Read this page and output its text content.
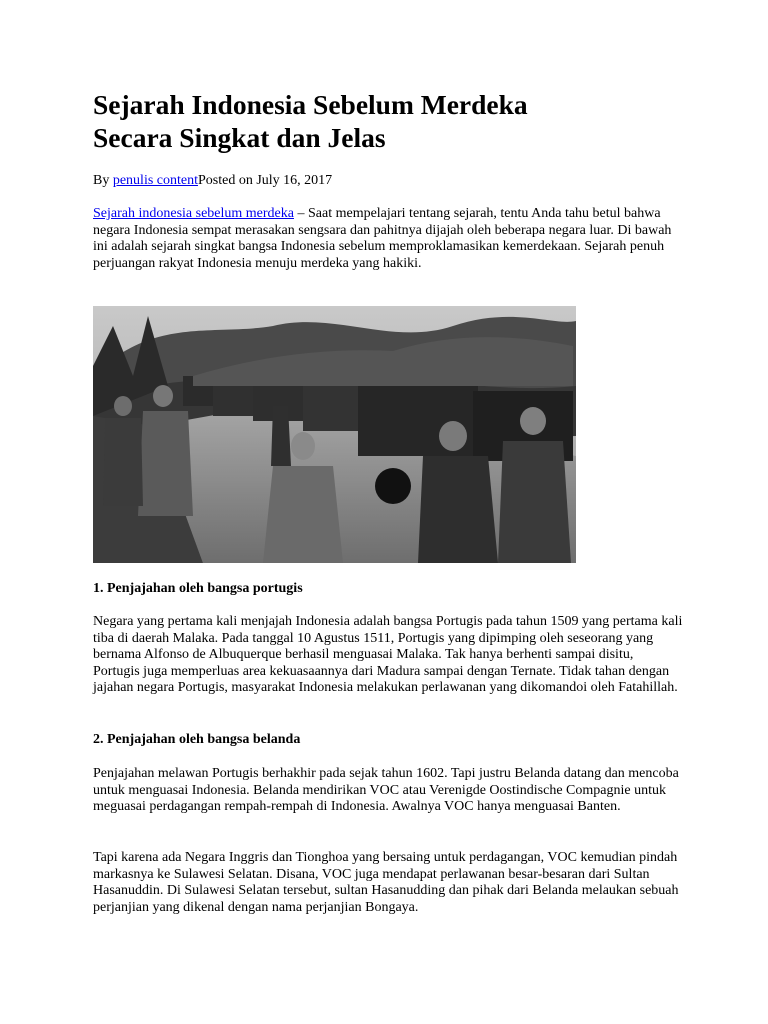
Sejarah Indonesia Sebelum Merdeka
Secara Singkat dan Jelas
By penulis contentPosted on July 16, 2017

Sejarah indonesia sebelum merdeka – Saat mempelajari tentang sejarah, tentu Anda tahu betul bahwa negara Indonesia sempat merasakan sengsara dan pahitnya dijajah oleh beberapa negara luar. Di bawah ini adalah sejarah singkat bangsa Indonesia sebelum memproklamasikan kemerdekaan. Sejarah penuh perjuangan rakyat Indonesia menuju merdeka yang hakiki.

1. Penjajahan oleh bangsa portugis

Negara yang pertama kali menjajah Indonesia adalah bangsa Portugis pada tahun 1509 yang pertama kali tiba di daerah Malaka. Pada tanggal 10 Agustus 1511, Portugis yang dipimping oleh seseorang yang bernama Alfonso de Albuquerque berhasil menguasai Malaka. Tak hanya berhenti sampai disitu, Portugis juga memperluas area kekuasaannya dari Madura sampai dengan Ternate. Tidak tahan dengan jajahan negara Portugis, masyarakat Indonesia melakukan perlawanan yang dikomandoi oleh Fatahillah.

2. Penjajahan oleh bangsa belanda

Penjajahan melawan Portugis berhakhir pada sejak tahun 1602. Tapi justru Belanda datang dan mencoba untuk menguasai Indonesia. Belanda mendirikan VOC atau Verenigde Oostindische Compagnie untuk meguasai perdagangan rempah-rempah di Indonesia. Awalnya VOC hanya menguasai Banten.

Tapi karena ada Negara Inggris dan Tionghoa yang bersaing untuk perdagangan, VOC kemudian pindah markasnya ke Sulawesi Selatan. Disana, VOC juga mendapat perlawanan besar-besaran dari Sultan Hasanuddin. Di Sulawesi Selatan tersebut, sultan Hasanudding dan pihak dari Belanda melaukan sebuah perjanjian yang dikenal dengan nama perjanjian Bongaya.
